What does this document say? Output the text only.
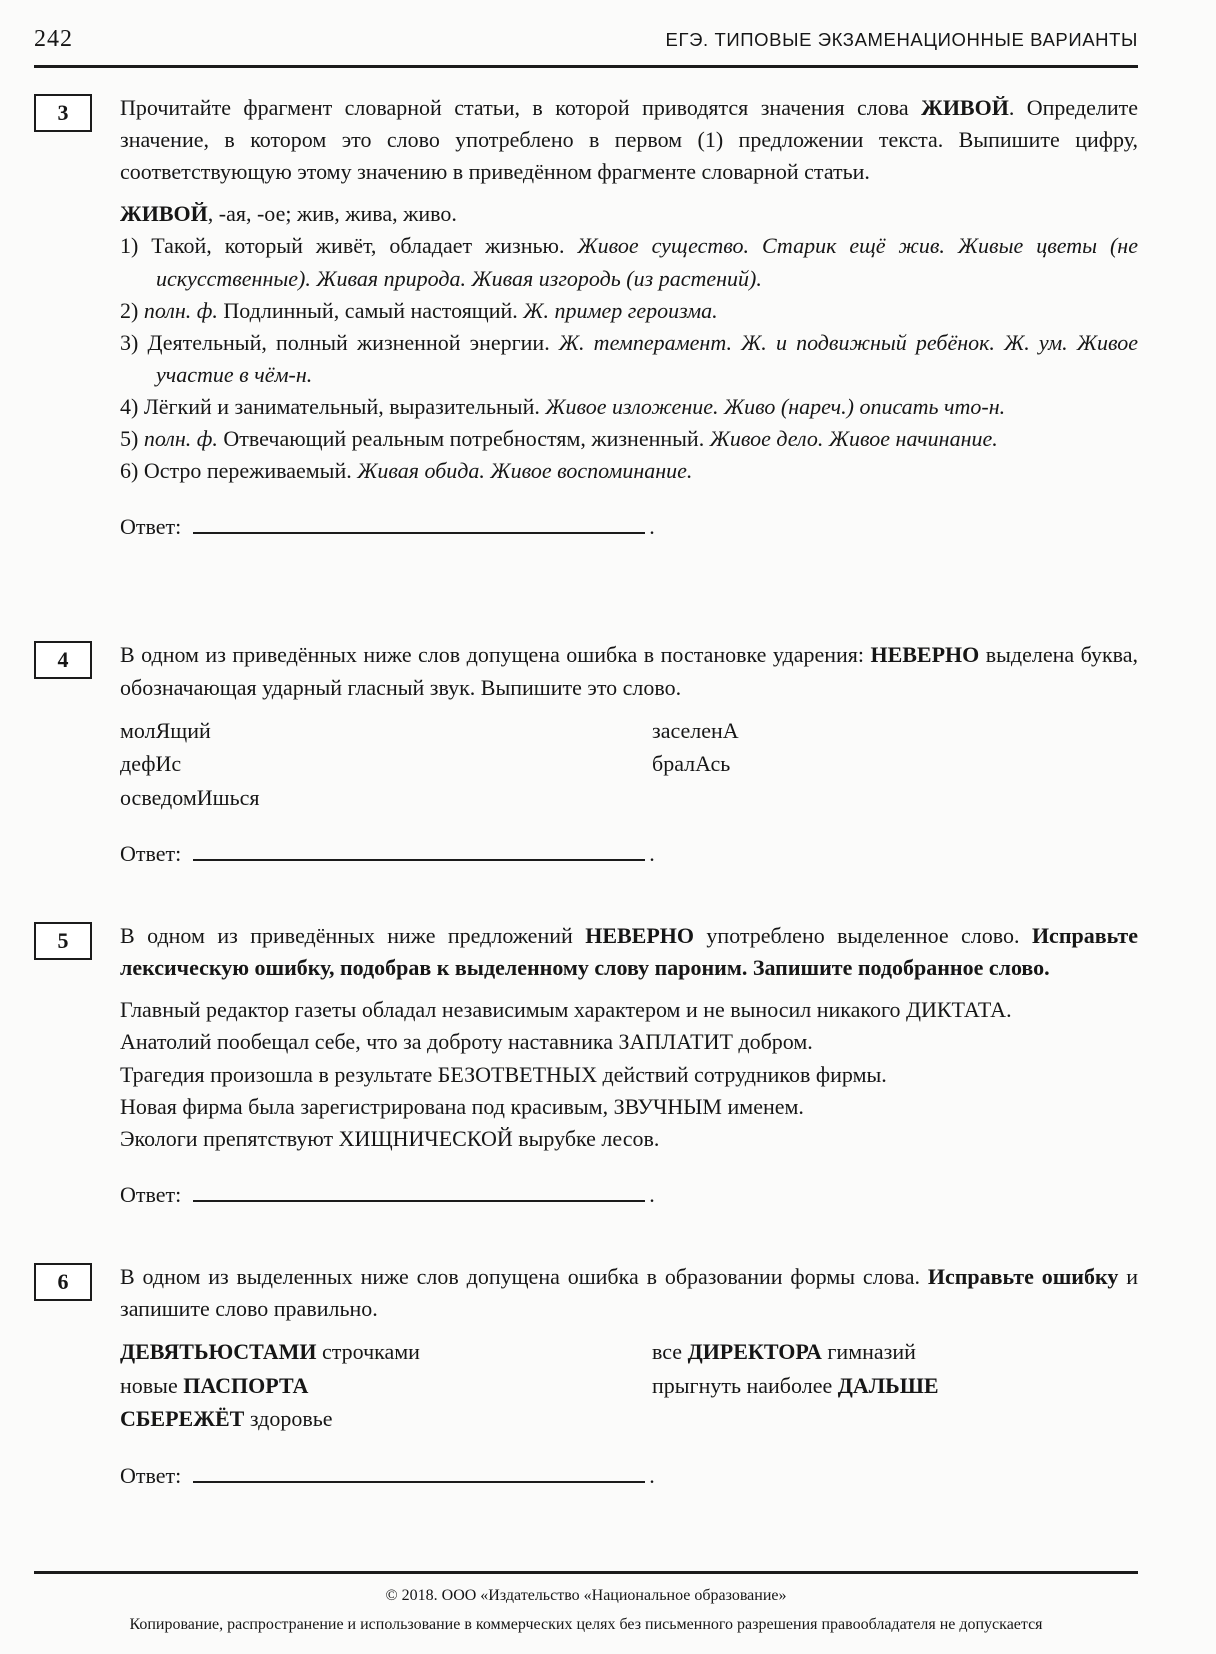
242	ЕГЭ. ТИПОВЫЕ ЭКЗАМЕНАЦИОННЫЕ ВАРИАНТЫ
3 Прочитайте фрагмент словарной статьи, в которой приводятся значения слова ЖИВОЙ. Определите значение, в котором это слово употреблено в первом (1) предложении текста. Выпишите цифру, соответствующую этому значению в приведённом фрагменте словарной статьи.

ЖИВОЙ, -ая, -ое; жив, жива, живо.

1) Такой, который живёт, обладает жизнью. Живое существо. Старик ещё жив. Живые цветы (не искусственные). Живая природа. Живая изгородь (из растений).

2) полн. ф. Подлинный, самый настоящий. Ж. пример героизма.

3) Деятельный, полный жизненной энергии. Ж. темперамент. Ж. и подвижный ребёнок. Ж. ум. Живое участие в чём-н.

4) Лёгкий и занимательный, выразительный. Живое изложение. Живо (нареч.) описать что-н.

5) полн. ф. Отвечающий реальным потребностям, жизненный. Живое дело. Живое начинание.

6) Остро переживаемый. Живая обида. Живое воспоминание.

Ответ:	.
4 В одном из приведённых ниже слов допущена ошибка в постановке ударения: НЕВЕРНО выделена буква, обозначающая ударный гласный звук. Выпишите это слово.

молЯщий

дефИс

осведомИшься

заселенА

бралАсь

Ответ:	.
5 В одном из приведённых ниже предложений НЕВЕРНО употреблено выделенное слово. Исправьте лексическую ошибку, подобрав к выделенному слову пароним. Запишите подобранное слово.

Главный редактор газеты обладал независимым характером и не выносил никакого ДИКТАТА.

Анатолий пообещал себе, что за доброту наставника ЗАПЛАТИТ добром.

Трагедия произошла в результате БЕЗОТВЕТНЫХ действий сотрудников фирмы.

Новая фирма была зарегистрирована под красивым, ЗВУЧНЫМ именем.

Экологи препятствуют ХИЩНИЧЕСКОЙ вырубке лесов.

Ответ:	.
6 В одном из выделенных ниже слов допущена ошибка в образовании формы слова. Исправьте ошибку и запишите слово правильно.

ДЕВЯТЬЮСТАМИ строчками

новые ПАСПОРТА

СБЕРЕЖЁТ здоровье

все ДИРЕКТОРА гимназий

прыгнуть наиболее ДАЛЬШЕ

Ответ:	.
© 2018. ООО «Издательство «Национальное образование»
Копирование, распространение и использование в коммерческих целях без письменного разрешения правообладателя не допускается
